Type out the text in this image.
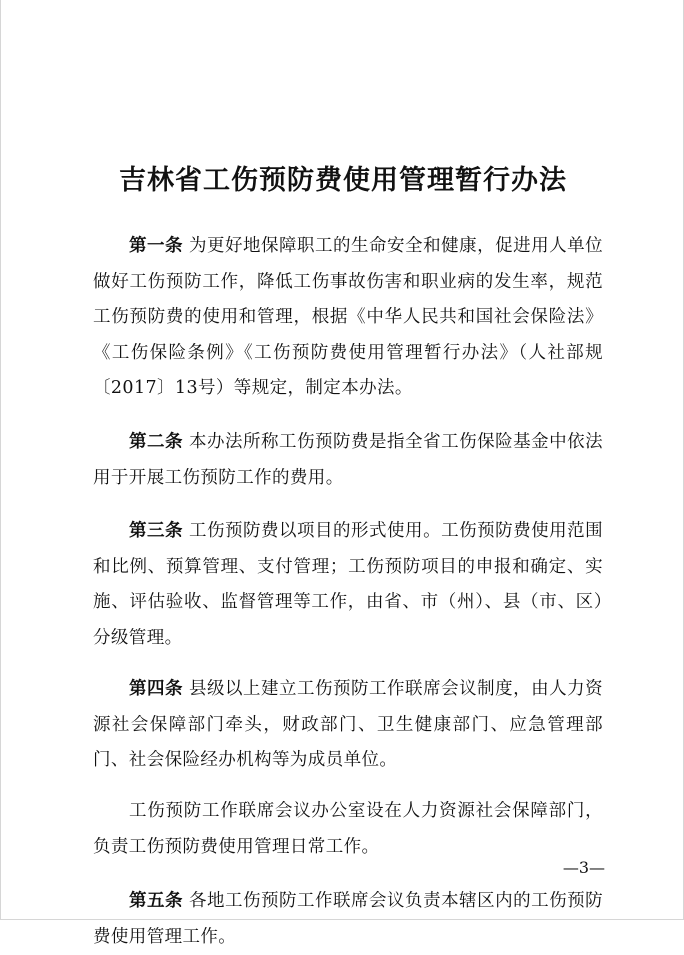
吉林省工伤预防费使用管理暂行办法
第一条 为更好地保障职工的生命安全和健康，促进用人单位做好工伤预防工作，降低工伤事故伤害和职业病的发生率，规范工伤预防费的使用和管理，根据《中华人民共和国社会保险法》《工伤保险条例》《工伤预防费使用管理暂行办法》（人社部规〔2017〕13号）等规定，制定本办法。
第二条 本办法所称工伤预防费是指全省工伤保险基金中依法用于开展工伤预防工作的费用。
第三条 工伤预防费以项目的形式使用。工伤预防费使用范围和比例、预算管理、支付管理；工伤预防项目的申报和确定、实施、评估验收、监督管理等工作，由省、市（州）、县（市、区）分级管理。
第四条 县级以上建立工伤预防工作联席会议制度，由人力资源社会保障部门牵头，财政部门、卫生健康部门、应急管理部门、社会保险经办机构等为成员单位。
工伤预防工作联席会议办公室设在人力资源社会保障部门，负责工伤预防费使用管理日常工作。
第五条 各地工伤预防工作联席会议负责本辖区内的工伤预防费使用管理工作。
—3—
